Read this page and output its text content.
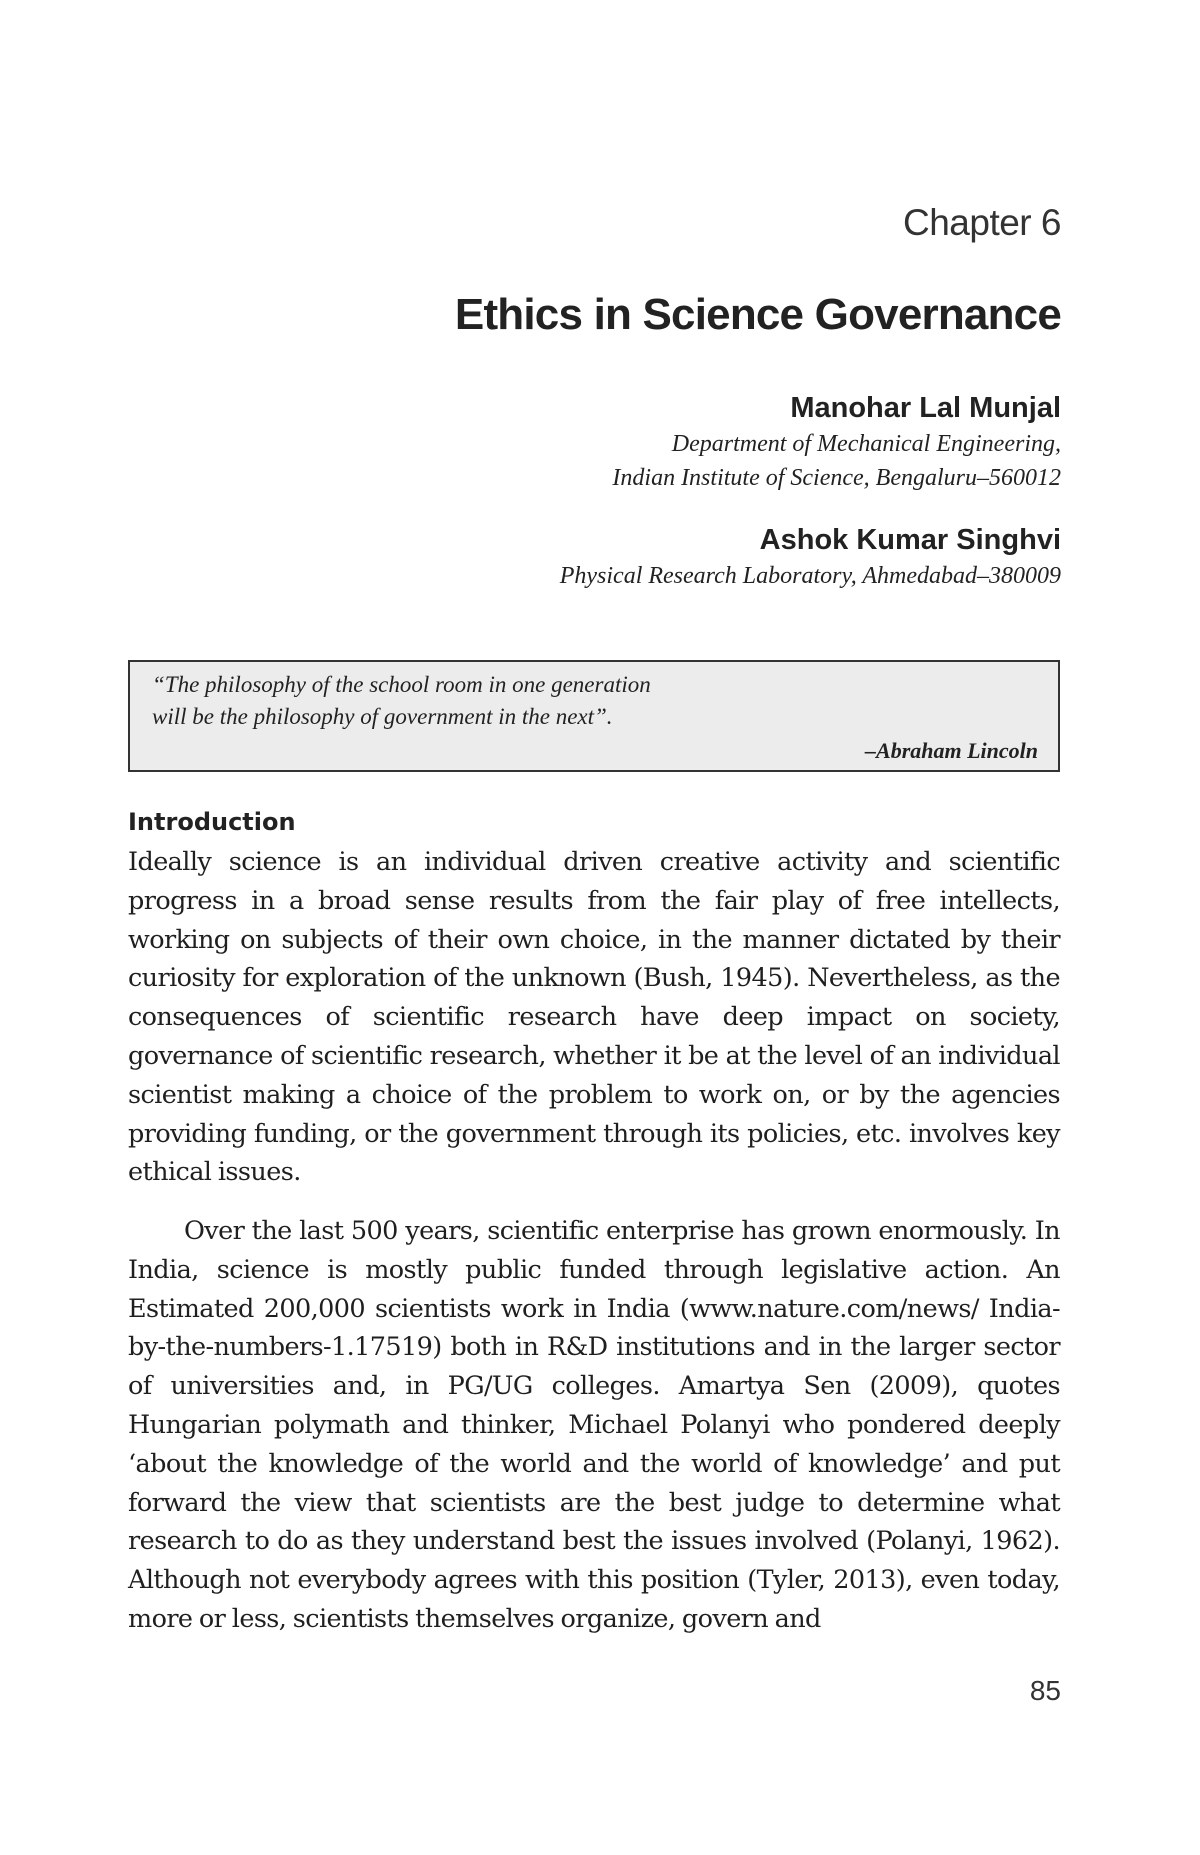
Chapter 6
Ethics in Science Governance
Manohar Lal Munjal
Department of Mechanical Engineering,
Indian Institute of Science, Bengaluru–560012
Ashok Kumar Singhvi
Physical Research Laboratory, Ahmedabad–380009
“The philosophy of the school room in one generation
will be the philosophy of government in the next”.
–Abraham Lincoln
Introduction

Ideally science is an individual driven creative activity and scientific progress in a broad sense results from the fair play of free intellects, working on subjects of their own choice, in the manner dictated by their curiosity for exploration of the unknown (Bush, 1945). Nevertheless, as the consequences of scientific research have deep impact on society, governance of scientific research, whether it be at the level of an individual scientist making a choice of the problem to work on, or by the agencies providing funding, or the government through its policies, etc. involves key ethical issues.

Over the last 500 years, scientific enterprise has grown enormously. In India, science is mostly public funded through legislative action. An Estimated 200,000 scientists work in India (www.nature.com/news/ India-by-the-numbers-1.17519) both in R&D institutions and in the larger sector of universities and, in PG/UG colleges. Amartya Sen (2009), quotes Hungarian polymath and thinker, Michael Polanyi who pondered deeply ‘about the knowledge of the world and the world of knowledge’ and put forward the view that scientists are the best judge to determine what research to do as they understand best the issues involved (Polanyi, 1962). Although not everybody agrees with this position (Tyler, 2013), even today, more or less, scientists themselves organize, govern and

85
